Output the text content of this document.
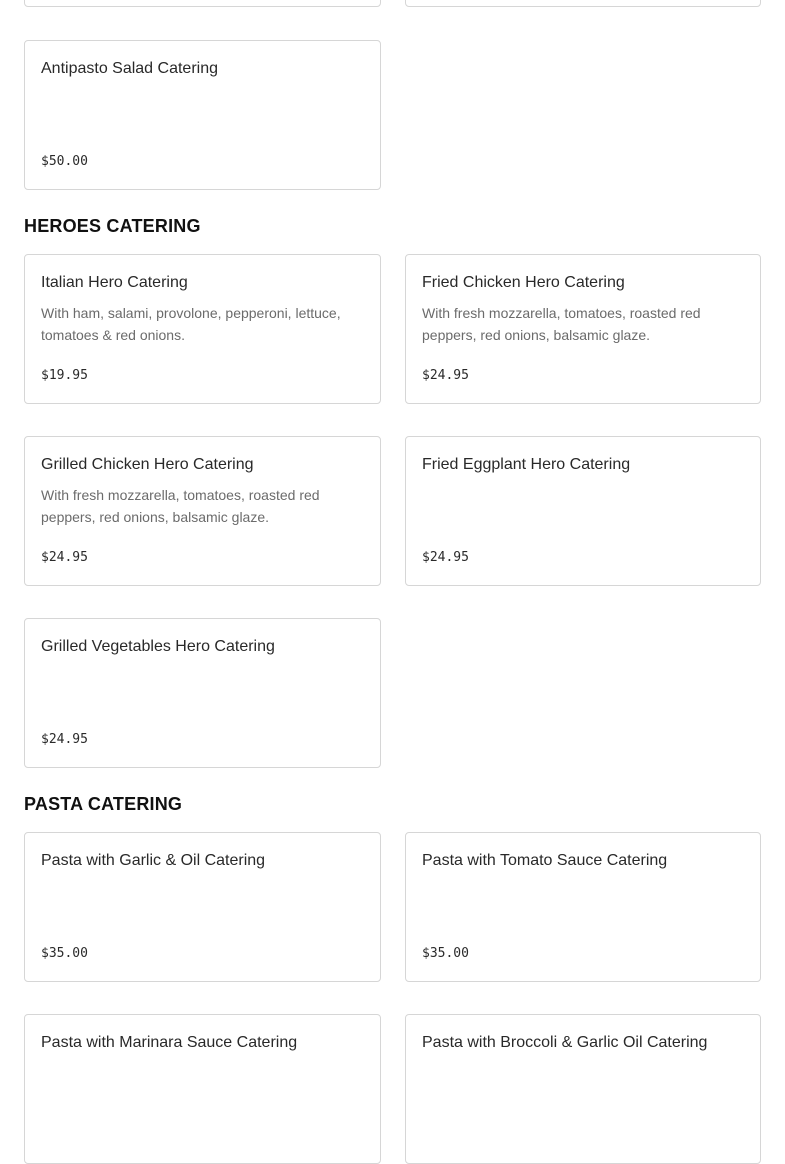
Antipasto Salad Catering
$50.00
HEROES CATERING
Italian Hero Catering
With ham, salami, provolone, pepperoni, lettuce, tomatoes & red onions.
$19.95
Fried Chicken Hero Catering
With fresh mozzarella, tomatoes, roasted red peppers, red onions, balsamic glaze.
$24.95
Grilled Chicken Hero Catering
With fresh mozzarella, tomatoes, roasted red peppers, red onions, balsamic glaze.
$24.95
Fried Eggplant Hero Catering
$24.95
Grilled Vegetables Hero Catering
$24.95
PASTA CATERING
Pasta with Garlic & Oil Catering
$35.00
Pasta with Tomato Sauce Catering
$35.00
Pasta with Marinara Sauce Catering	Pasta with Broccoli & Garlic Oil Catering
